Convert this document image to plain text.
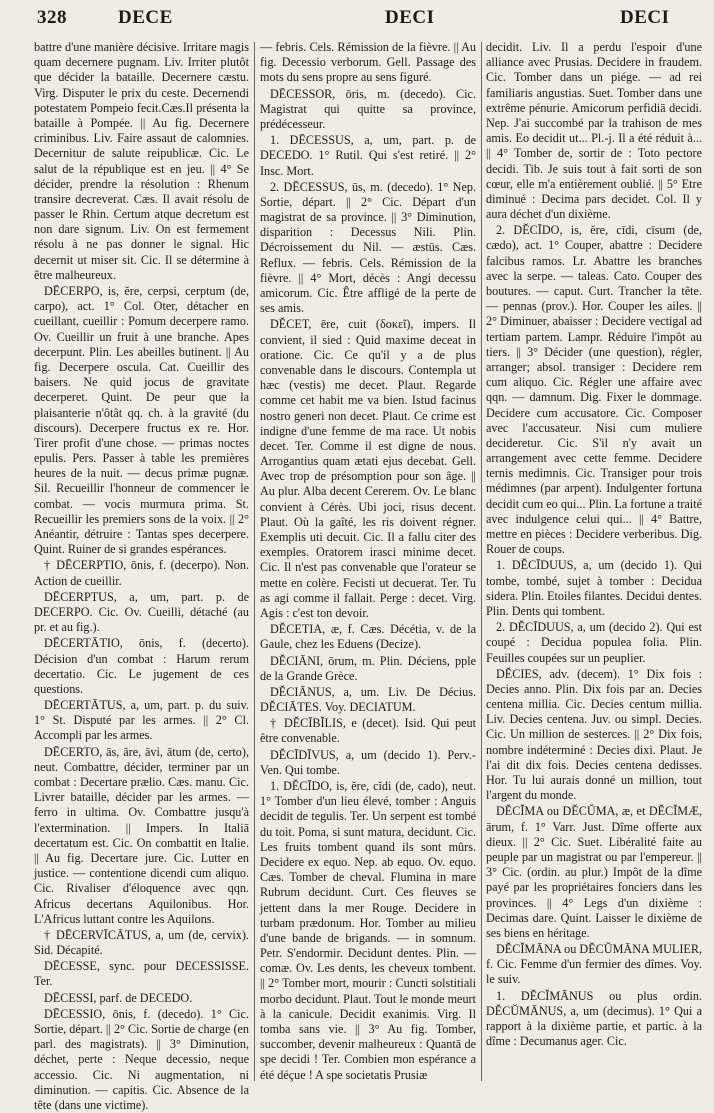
328	DECE	DECI	DECI

battre d'une manière décisive. Irritare magis quam decernere pugnam. Liv. Irriter plutôt que décider la bataille. Decernere cæstu. Virg. Disputer le prix du ceste. Decernendi potestatem Pompeio fecit.Cæs.Il présenta la bataille à Pompée. || Au fig. Decernere criminibus. Liv. Faire assaut de calomnies. Decernitur de salute reipublicæ. Cic. Le salut de la république est en jeu. || 4° Se décider, prendre la résolution : Rhenum transire decreverat. Cæs. Il avait résolu de passer le Rhin. Certum atque decretum est non dare signum. Liv. On est fermement résolu à ne pas donner le signal. Hic decernit ut miser sit. Cic. Il se détermine à être malheureux.

DĒCERPO, is, ĕre, cerpsi, cerptum (de, carpo), act. 1° Col. Oter, détacher en cueillant, cueillir : Pomum decerpere ramo. Ov. Cueillir un fruit à une branche. Apes decerpunt. Plin. Les abeilles butinent. || Au fig. Decerpere oscula. Cat. Cueillir des baisers. Ne quid jocus de gravitate decerperet. Quint. De peur que la plaisanterie n'ôtât qq. ch. à la gravité (du discours). Decerpere fructus ex re. Hor. Tirer profit d'une chose. — primas noctes epulis. Pers. Passer à table les premières heures de la nuit. — decus primæ pugnæ. Sil. Recueillir l'honneur de commencer le combat. — vocis murmura prima. St. Recueillir les premiers sons de la voix. || 2° Anéantir, détruire : Tantas spes decerpere. Quint. Ruiner de si grandes espérances.

† DĒCERPTIO, ōnis, f. (decerpo). Non. Action de cueillir.

DĒCERPTUS, a, um, part. p. de DECERPO. Cic. Ov. Cueilli, détaché (au pr. et au fig.).

DĒCERTĀTIO, ōnis, f. (decerto). Décision d'un combat : Harum rerum decertatio. Cic. Le jugement de ces questions.

DĒCERTĀTUS, a, um, part. p. du suiv. 1° St. Disputé par les armes. || 2° Cl. Accompli par les armes.

DĒCERTO, ās, āre, āvi, ātum (de, certo), neut. Combattre, décider, terminer par un combat : Decertare prælio. Cæs. manu. Cic. Livrer bataille, décider par les armes. — ferro in ultima. Ov. Combattre jusqu'à l'extermination. || Impers. In Italiā decertatum est. Cic. On combattit en Italie. || Au fig. Decertare jure. Cic. Lutter en justice. — contentione dicendi cum aliquo. Cic. Rivaliser d'éloquence avec qqn. Africus decertans Aquilonibus. Hor. L'Africus luttant contre les Aquilons.

† DĒCERVĪCĀTUS, a, um (de, cervix). Sid. Décapité.

DĒCESSE, sync. pour DECESSISSE. Ter.

DĒCESSI, parf. de DECEDO.

DĒCESSIO, ōnis, f. (decedo). 1° Cic. Sortie, départ. || 2° Cic. Sortie de charge (en parl. des magistrats). || 3° Diminution, déchet, perte : Neque decessio, neque accessio. Cic. Ni augmentation, ni diminution. — capitis. Cic. Absence de la tête (dans une victime).

— febris. Cels. Rémission de la fièvre. || Au fig. Decessio verborum. Gell. Passage des mots du sens propre au sens figuré.

DĒCESSOR, ōris, m. (decedo). Cic. Magistrat qui quitte sa province, prédécesseur.

1. DĒCESSUS, a, um, part. p. de DECEDO. 1° Rutil. Qui s'est retiré. || 2° Insc. Mort.

2. DĒCESSUS, ūs, m. (decedo). 1° Nep. Sortie, départ. || 2° Cic. Départ d'un magistrat de sa province. || 3° Diminution, disparition : Decessus Nili. Plin. Décroissement du Nil. — æstūs. Cæs. Reflux. — febris. Cels. Rémission de la fièvre. || 4° Mort, décès : Angi decessu amicorum. Cic. Être affligé de la perte de ses amis.

DĔCET, ēre, cuit (δοκεῖ), impers. Il convient, il sied : Quid maxime deceat in oratione. Cic. Ce qu'il y a de plus convenable dans le discours. Contempla ut hæc (vestis) me decet. Plaut. Regarde comme cet habit me va bien. Istud facinus nostro generi non decet. Plaut. Ce crime est indigne d'une femme de ma race. Ut nobis decet. Ter. Comme il est digne de nous. Arrogantius quam ætati ejus decebat. Gell. Avec trop de présomption pour son âge. || Au plur. Alba decent Cererem. Ov. Le blanc convient à Cérès. Ubi joci, risus decent. Plaut. Où la gaîté, les ris doivent régner. Exemplis uti decuit. Cic. Il a fallu citer des exemples. Oratorem irasci minime decet. Cic. Il n'est pas convenable que l'orateur se mette en colère. Fecisti ut decuerat. Ter. Tu as agi comme il fallait. Perge : decet. Virg. Agis : c'est ton devoir.

DĔCETIA, æ, f. Cæs. Décétia, v. de la Gaule, chez les Eduens (Decize).

DĔCIĀNI, ōrum, m. Plin. Déciens, pple de la Grande Grèce.

DĔCIĀNUS, a, um. Liv. De Décius. DĔCIĀTES. Voy. DECIATUM.

† DĔCĪBĬLIS, e (decet). Isid. Qui peut être convenable.

DĔCĪDĪVUS, a, um (decido 1). Perv.-Ven. Qui tombe.

1. DĔCĪDO, is, ĕre, cĭdi (de, cado), neut. 1° Tomber d'un lieu élevé, tomber : Anguis decidit de tegulis. Ter. Un serpent est tombé du toit. Poma, si sunt matura, decidunt. Cic. Les fruits tombent quand ils sont mûrs. Decidere ex equo. Nep. ab equo. Ov. equo. Cæs. Tomber de cheval. Flumina in mare Rubrum decidunt. Curt. Ces fleuves se jettent dans la mer Rouge. Decidere in turbam prædonum. Hor. Tomber au milieu d'une bande de brigands. — in somnum. Petr. S'endormir. Decidunt dentes. Plin. — comæ. Ov. Les dents, les cheveux tombent. || 2° Tomber mort, mourir : Cuncti solstitiali morbo decidunt. Plaut. Tout le monde meurt à la canicule. Decidit exanimis. Virg. Il tomba sans vie. || 3° Au fig. Tomber, succomber, devenir malheureux : Quantā de spe decidi ! Ter. Combien mon espérance a été déçue ! A spe societatis Prusiæ

decidit. Liv. Il a perdu l'espoir d'une alliance avec Prusias. Decidere in fraudem. Cic. Tomber dans un piége. — ad rei familiaris angustias. Suet. Tomber dans une extrême pénurie. Amicorum perfidiā decidi. Nep. J'ai succombé par la trahison de mes amis. Eo decidit ut... Pl.-j. Il a été réduit à... || 4° Tomber de, sortir de : Toto pectore decidi. Tib. Je suis tout à fait sorti de son cœur, elle m'a entièrement oublié. || 5° Etre diminué : Decima pars decidet. Col. Il y aura déchet d'un dixième.

2. DĔCĪDO, is, ĕre, cīdi, cīsum (de, cædo), act. 1° Couper, abattre : Decidere falcibus ramos. Lr. Abattre les branches avec la serpe. — taleas. Cato. Couper des boutures. — caput. Curt. Trancher la tête. — pennas (prov.). Hor. Couper les ailes. || 2° Diminuer, abaisser : Decidere vectigal ad tertiam partem. Lampr. Réduire l'impôt au tiers. || 3° Décider (une question), régler, arranger; absol. transiger : Decidere rem cum aliquo. Cic. Régler une affaire avec qqn. — damnum. Dig. Fixer le dommage. Decidere cum accusatore. Cic. Composer avec l'accusateur. Nisi cum muliere decideretur. Cic. S'il n'y avait un arrangement avec cette femme. Decidere ternis medimnis. Cic. Transiger pour trois médimnes (par arpent). Indulgenter fortuna decidit cum eo qui... Plin. La fortune a traité avec indulgence celui qui... || 4° Battre, mettre en pièces : Decidere verberibus. Dig. Rouer de coups.

1. DĔCĪDUUS, a, um (decido 1). Qui tombe, tombé, sujet à tomber : Decidua sidera. Plin. Etoiles filantes. Decidui dentes. Plin. Dents qui tombent.

2. DĔCĪDUUS, a, um (decido 2). Qui est coupé : Decidua populea folia. Plin. Feuilles coupées sur un peuplier.

DĔCIES, adv. (decem). 1° Dix fois : Decies anno. Plin. Dix fois par an. Decies centena millia. Cic. Decies centum millia. Liv. Decies centena. Juv. ou simpl. Decies. Cic. Un million de sesterces. || 2° Dix fois, nombre indéterminé : Decies dixi. Plaut. Je l'ai dit dix fois. Decies centena dedisses. Hor. Tu lui aurais donné un million, tout l'argent du monde.

DĔCĬMA ou DĔCŬMA, æ, et DĔCĬMÆ, ārum, f. 1° Varr. Just. Dîme offerte aux dieux. || 2° Cic. Suet. Libéralité faite au peuple par un magistrat ou par l'empereur. || 3° Cic. (ordin. au plur.) Impôt de la dîme payé par les propriétaires fonciers dans les provinces. || 4° Legs d'un dixième : Decimas dare. Quint. Laisser le dixième de ses biens en héritage.

DĔCĬMĀNA ou DĔCŬMĀNA MULIER, f. Cic. Femme d'un fermier des dîmes. Voy. le suiv.

1. DĔCĬMĀNUS ou plus ordin. DĔCŬMĀNUS, a, um (decimus). 1° Qui a rapport à la dixième partie, et partic. à la dîme : Decumanus ager. Cic.
